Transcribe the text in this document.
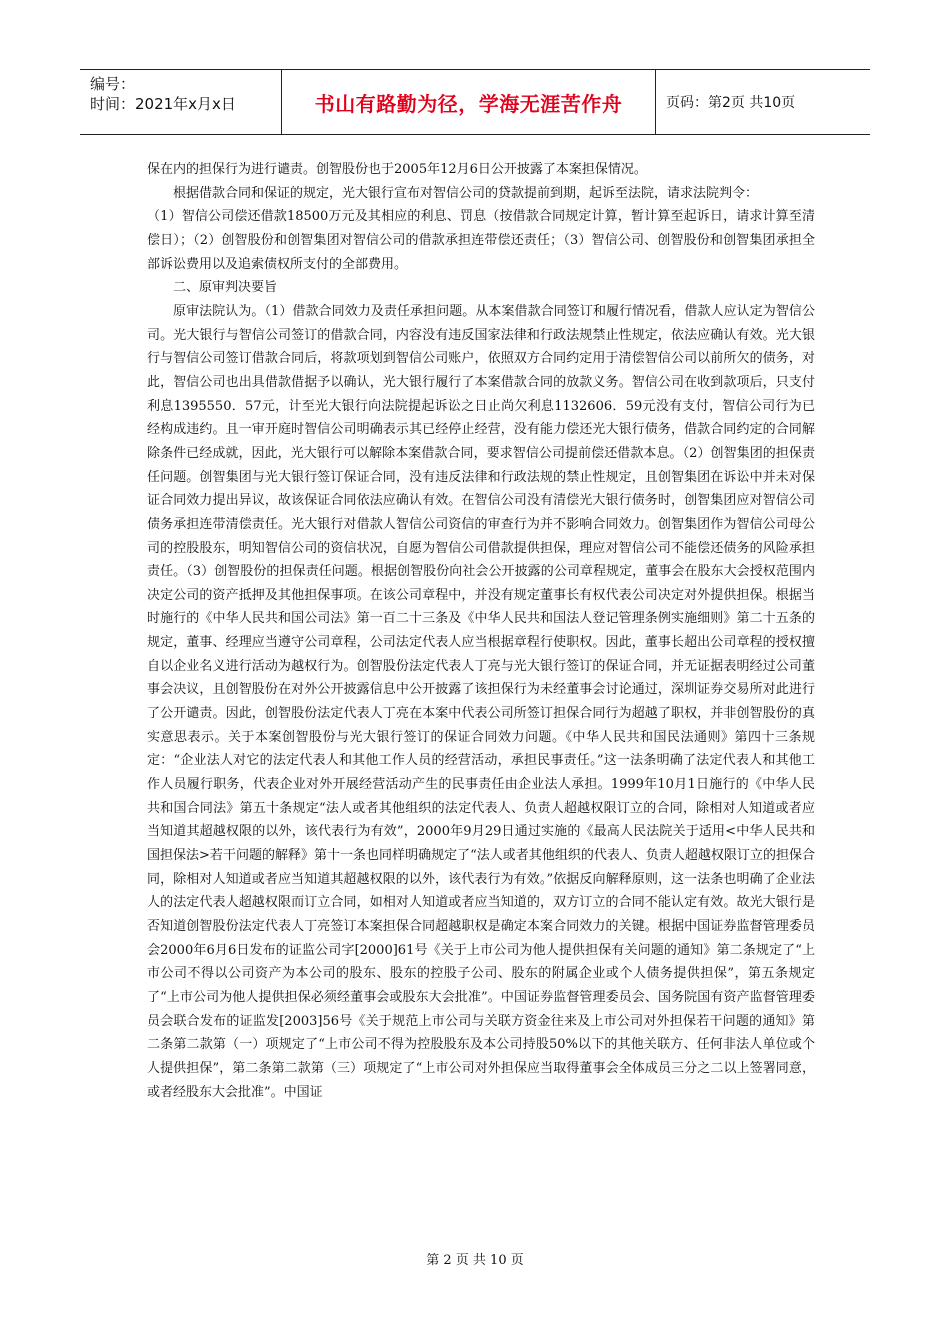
编号：
时间：2021年x月x日	书山有路勤为径，学海无涯苦作舟	页码：第2页 共10页

保在内的担保行为进行谴责。创智股份也于2005年12月6日公开披露了本案担保情况。

根据借款合同和保证的规定，光大银行宣布对智信公司的贷款提前到期，起诉至法院，请求法院判令：

（1）智信公司偿还借款18500万元及其相应的利息、罚息（按借款合同规定计算，暂计算至起诉日，请求计算至清偿日）；（2）创智股份和创智集团对智信公司的借款承担连带偿还责任；（3）智信公司、创智股份和创智集团承担全部诉讼费用以及追索债权所支付的全部费用。

二、原审判决要旨

原审法院认为。（1）借款合同效力及责任承担问题。从本案借款合同签订和履行情况看，借款人应认定为智信公司。光大银行与智信公司签订的借款合同，内容没有违反国家法律和行政法规禁止性规定，依法应确认有效。光大银行与智信公司签订借款合同后，将款项划到智信公司账户，依照双方合同约定用于清偿智信公司以前所欠的债务，对此，智信公司也出具借款借据予以确认，光大银行履行了本案借款合同的放款义务。智信公司在收到款项后，只支付利息1395550．57元，计至光大银行向法院提起诉讼之日止尚欠利息1132606．59元没有支付，智信公司行为已经构成违约。且一审开庭时智信公司明确表示其已经停止经营，没有能力偿还光大银行债务，借款合同约定的合同解除条件已经成就，因此，光大银行可以解除本案借款合同，要求智信公司提前偿还借款本息。（2）创智集团的担保责任问题。创智集团与光大银行签订保证合同，没有违反法律和行政法规的禁止性规定，且创智集团在诉讼中并未对保证合同效力提出异议，故该保证合同依法应确认有效。在智信公司没有清偿光大银行债务时，创智集团应对智信公司债务承担连带清偿责任。光大银行对借款人智信公司资信的审查行为并不影响合同效力。创智集团作为智信公司母公司的控股股东，明知智信公司的资信状况，自愿为智信公司借款提供担保，理应对智信公司不能偿还债务的风险承担责任。（3）创智股份的担保责任问题。根据创智股份向社会公开披露的公司章程规定，董事会在股东大会授权范围内决定公司的资产抵押及其他担保事项。在该公司章程中，并没有规定董事长有权代表公司决定对外提供担保。根据当时施行的《中华人民共和国公司法》第一百二十三条及《中华人民共和国法人登记管理条例实施细则》第二十五条的规定，董事、经理应当遵守公司章程，公司法定代表人应当根据章程行使职权。因此，董事长超出公司章程的授权擅自以企业名义进行活动为越权行为。创智股份法定代表人丁亮与光大银行签订的保证合同，并无证据表明经过公司董事会决议，且创智股份在对外公开披露信息中公开披露了该担保行为未经董事会讨论通过，深圳证券交易所对此进行了公开谴责。因此，创智股份法定代表人丁亮在本案中代表公司所签订担保合同行为超越了职权，并非创智股份的真实意思表示。关于本案创智股份与光大银行签订的保证合同效力问题。《中华人民共和国民法通则》第四十三条规定：“企业法人对它的法定代表人和其他工作人员的经营活动，承担民事责任。”这一法条明确了法定代表人和其他工作人员履行职务，代表企业对外开展经营活动产生的民事责任由企业法人承担。1999年10月1日施行的《中华人民共和国合同法》第五十条规定“法人或者其他组织的法定代表人、负责人超越权限订立的合同，除相对人知道或者应当知道其超越权限的以外，该代表行为有效”，2000年9月29日通过实施的《最高人民法院关于适用<中华人民共和国担保法>若干问题的解释》第十一条也同样明确规定了“法人或者其他组织的代表人、负责人超越权限订立的担保合同，除相对人知道或者应当知道其超越权限的以外，该代表行为有效。”依据反向解释原则，这一法条也明确了企业法人的法定代表人超越权限而订立合同，如相对人知道或者应当知道的，双方订立的合同不能认定有效。故光大银行是否知道创智股份法定代表人丁亮签订本案担保合同超越职权是确定本案合同效力的关键。根据中国证券监督管理委员会2000年6月6日发布的证监公司字[2000]61号《关于上市公司为他人提供担保有关问题的通知》第二条规定了“上市公司不得以公司资产为本公司的股东、股东的控股子公司、股东的附属企业或个人债务提供担保”，第五条规定了“上市公司为他人提供担保必须经董事会或股东大会批准”。中国证券监督管理委员会、国务院国有资产监督管理委员会联合发布的证监发[2003]56号《关于规范上市公司与关联方资金往来及上市公司对外担保若干问题的通知》第二条第二款第（一）项规定了“上市公司不得为控股股东及本公司持股50%以下的其他关联方、任何非法人单位或个人提供担保”，第二条第二款第（三）项规定了“上市公司对外担保应当取得董事会全体成员三分之二以上签署同意，或者经股东大会批准”。中国证

第 2 页 共 10 页
